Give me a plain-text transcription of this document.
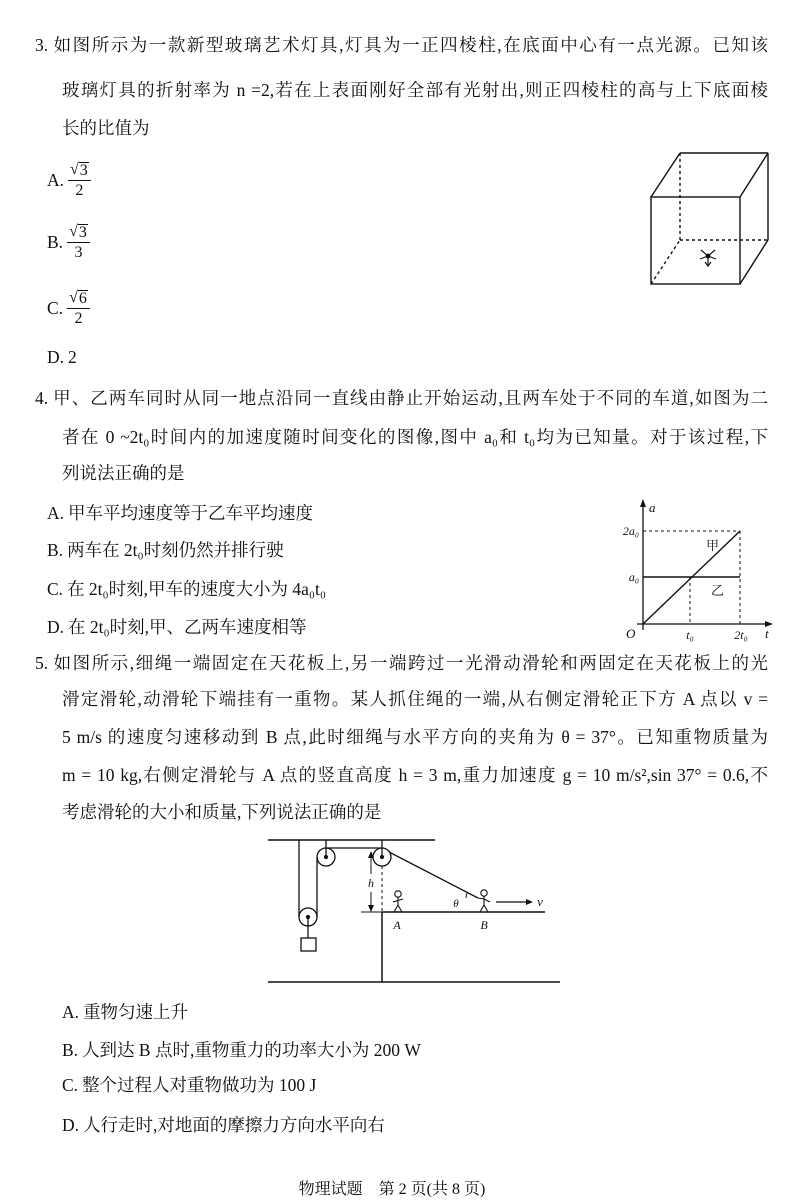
a
t
O
2a₀
a₀
t₀	2t₀
甲
乙
h
A	B
θ	v
3. 如图所示为一款新型玻璃艺术灯具,灯具为一正四棱柱,在底面中心有一点光源。已知该
玻璃灯具的折射率为 n =2,若在上表面刚好全部有光射出,则正四棱柱的高与上下底面棱
长的比值为
A. $\frac{√ 3}{2}$
B. $\frac{√ 3}{3}$
C. $\frac{√ 6}{2}$
D. 2
4. 甲、乙两车同时从同一地点沿同一直线由静止开始运动,且两车处于不同的车道,如图为二
者在 0 ~2t₀时间内的加速度随时间变化的图像,图中 a₀和 t₀均为已知量。对于该过程,下
列说法正确的是
A. 甲车平均速度等于乙车平均速度
B. 两车在 2t₀时刻仍然并排行驶
C. 在 2t₀时刻,甲车的速度大小为 4a₀t₀
D. 在 2t₀时刻,甲、乙两车速度相等
5. 如图所示,细绳一端固定在天花板上,另一端跨过一光滑动滑轮和两固定在天花板上的光
滑定滑轮,动滑轮下端挂有一重物。某人抓住绳的一端,从右侧定滑轮正下方 A 点以 v =
5 m/s 的速度匀速移动到 B 点,此时细绳与水平方向的夹角为 θ = 37°。已知重物质量为
m = 10 kg,右侧定滑轮与 A 点的竖直高度 h = 3 m,重力加速度 g = 10 m/s²,sin 37° = 0.6,不
考虑滑轮的大小和质量,下列说法正确的是
A. 重物匀速上升
B. 人到达 B 点时,重物重力的功率大小为 200 W
C. 整个过程人对重物做功为 100 J
D. 人行走时,对地面的摩擦力方向水平向右
物理试题　第 2 页(共 8 页)
